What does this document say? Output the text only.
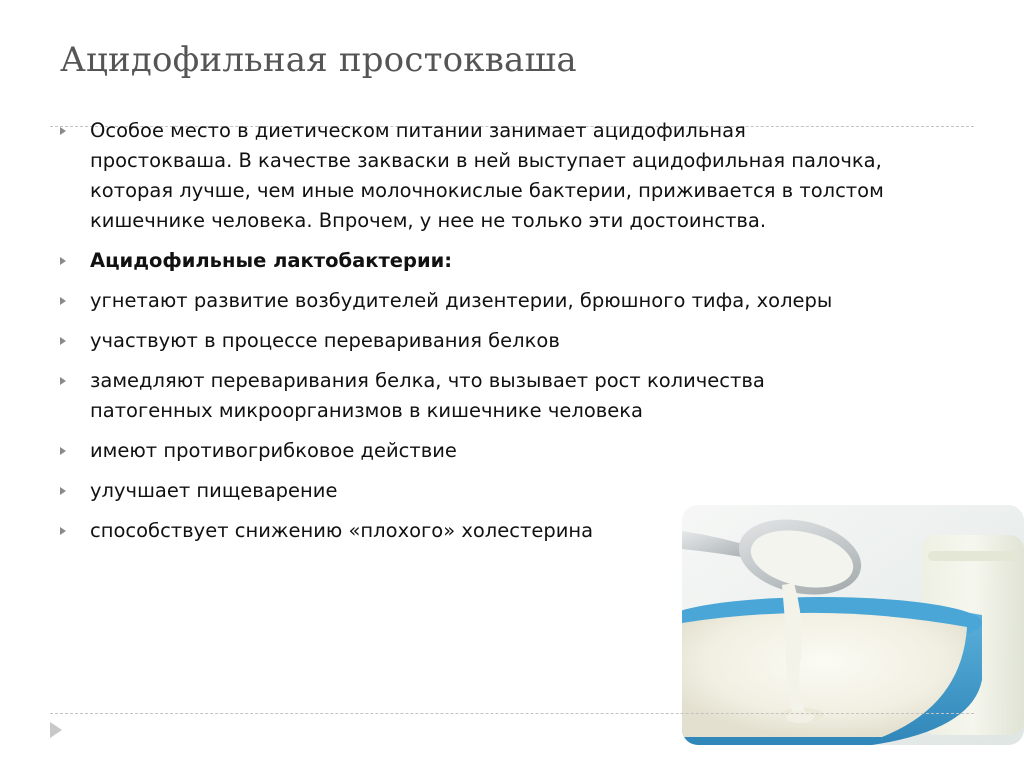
Ацидофильная простокваша
Особое место в диетическом питании занимает ацидофильная простокваша. В качестве закваски в ней выступает ацидофильная палочка, которая лучше, чем иные молочнокислые бактерии, приживается в толстом кишечнике человека. Впрочем, у нее не только эти достоинства.
Ацидофильные лактобактерии:
угнетают развитие возбудителей дизентерии, брюшного тифа, холеры
участвуют в процессе переваривания белков
замедляют переваривания белка, что вызывает рост количества патогенных микроорганизмов в кишечнике человека
имеют противогрибковое действие
улучшает пищеварение
способствует снижению «плохого» холестерина
